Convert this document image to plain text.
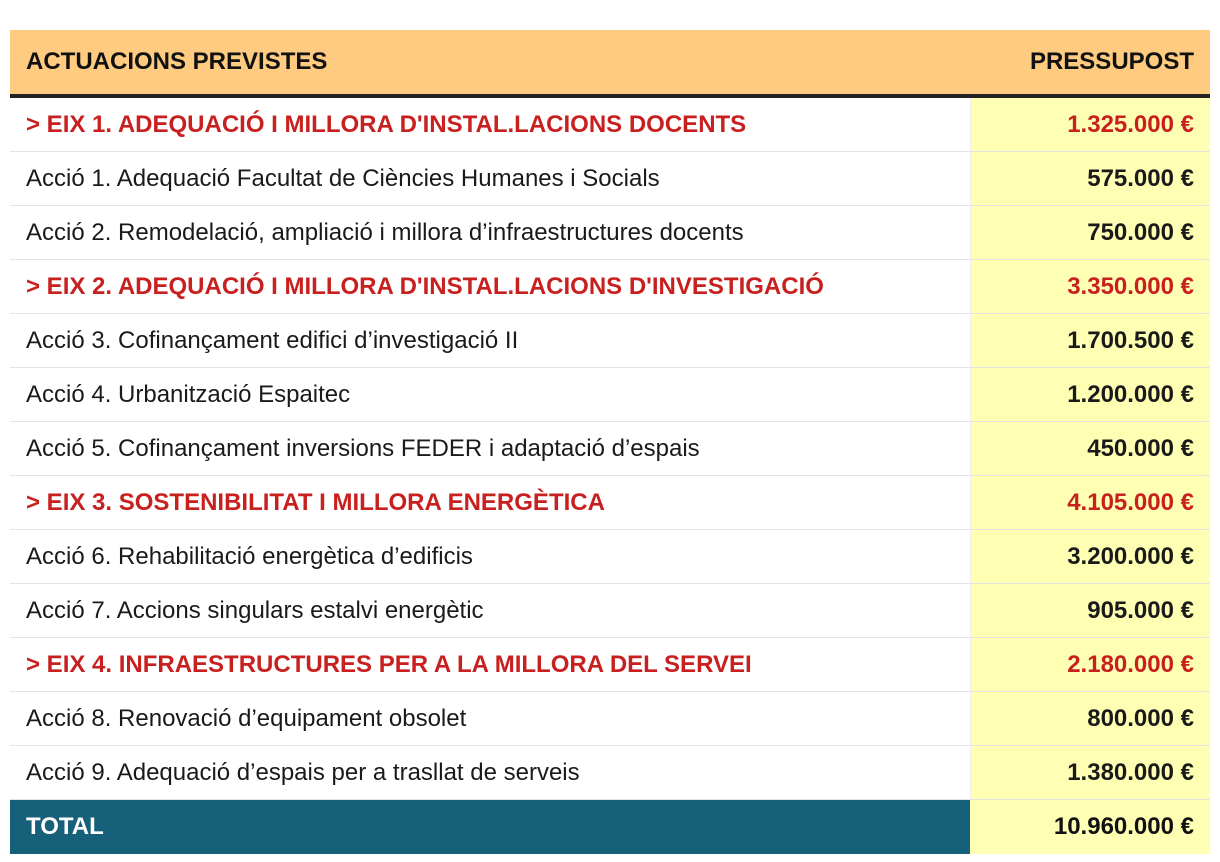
ACTUACIONS PREVISTES	PRESSUPOST
> EIX 1. ADEQUACIÓ I MILLORA D'INSTAL.LACIONS DOCENTS	1.325.000 €
Acció 1. Adequació Facultat de Ciències Humanes i Socials	575.000 €
Acció 2. Remodelació, ampliació i millora d’infraestructures docents	750.000 €
> EIX 2. ADEQUACIÓ I MILLORA D'INSTAL.LACIONS D'INVESTIGACIÓ	3.350.000 €
Acció 3. Cofinançament edifici d’investigació II	1.700.500 €
Acció 4. Urbanització Espaitec	1.200.000 €
Acció 5. Cofinançament inversions FEDER i adaptació d’espais	450.000 €
> EIX 3. SOSTENIBILITAT I MILLORA ENERGÈTICA	4.105.000 €
Acció 6. Rehabilitació energètica d’edificis	3.200.000 €
Acció 7. Accions singulars estalvi energètic	905.000 €
> EIX 4. INFRAESTRUCTURES PER A LA MILLORA DEL SERVEI	2.180.000 €
Acció 8. Renovació d’equipament obsolet	800.000 €
Acció 9. Adequació d’espais per a trasllat de serveis	1.380.000 €
TOTAL	10.960.000 €
